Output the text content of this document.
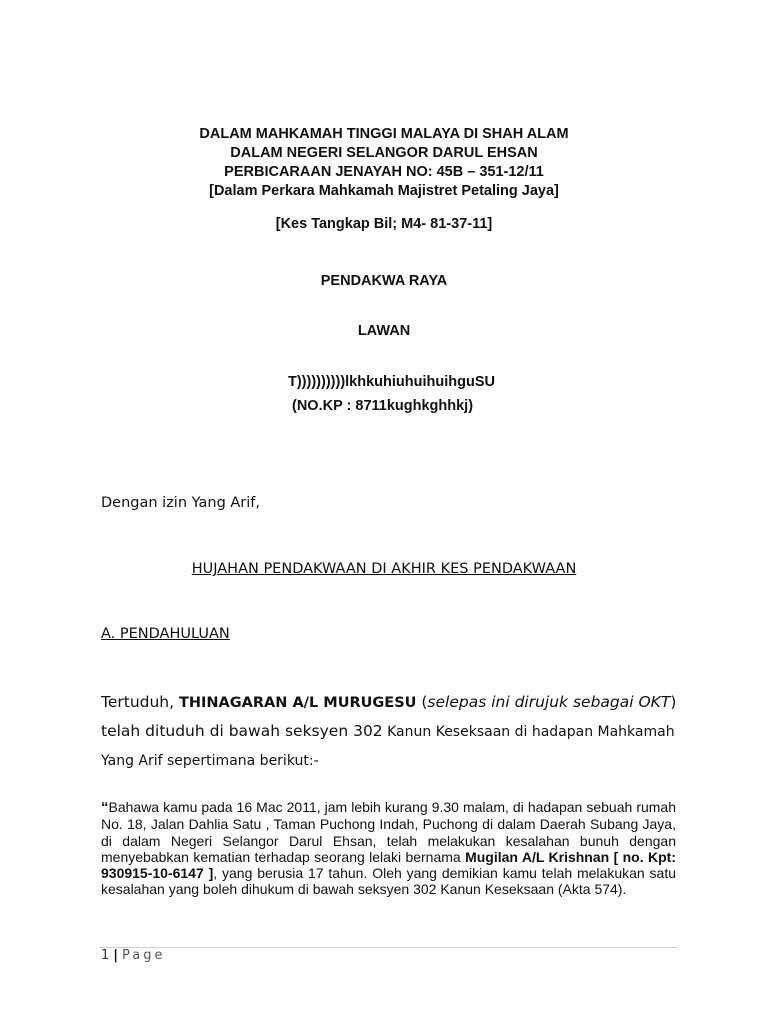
DALAM MAHKAMAH TINGGI MALAYA DI SHAH ALAM
DALAM NEGERI SELANGOR DARUL EHSAN
PERBICARAAN JENAYAH NO: 45B – 351-12/11
[Dalam Perkara Mahkamah Majistret Petaling Jaya]
[Kes Tangkap Bil; M4- 81-37-11]
PENDAKWA RAYA
LAWAN
T))))))))))lkhkuhiuhuihuihguSU
(NO.KP : 8711kughkghhkj)
Dengan izin Yang Arif,
HUJAHAN PENDAKWAAN DI AKHIR KES PENDAKWAAN
A. PENDAHULUAN
Tertuduh, THINAGARAN A/L MURUGESU (selepas ini dirujuk sebagai OKT) telah dituduh di bawah seksyen 302 Kanun Keseksaan di hadapan Mahkamah Yang Arif sepertimana berikut:-
“Bahawa kamu pada 16 Mac 2011, jam lebih kurang 9.30 malam, di hadapan sebuah rumah No. 18, Jalan Dahlia Satu , Taman Puchong Indah, Puchong di dalam Daerah Subang Jaya, di dalam Negeri Selangor Darul Ehsan, telah melakukan kesalahan bunuh dengan menyebabkan kematian terhadap seorang lelaki bernama Mugilan A/L Krishnan [ no. Kpt: 930915-10-6147 ], yang berusia 17 tahun. Oleh yang demikian kamu telah melakukan satu kesalahan yang boleh dihukum di bawah seksyen 302 Kanun Keseksaan (Akta 574).
1 | Page
